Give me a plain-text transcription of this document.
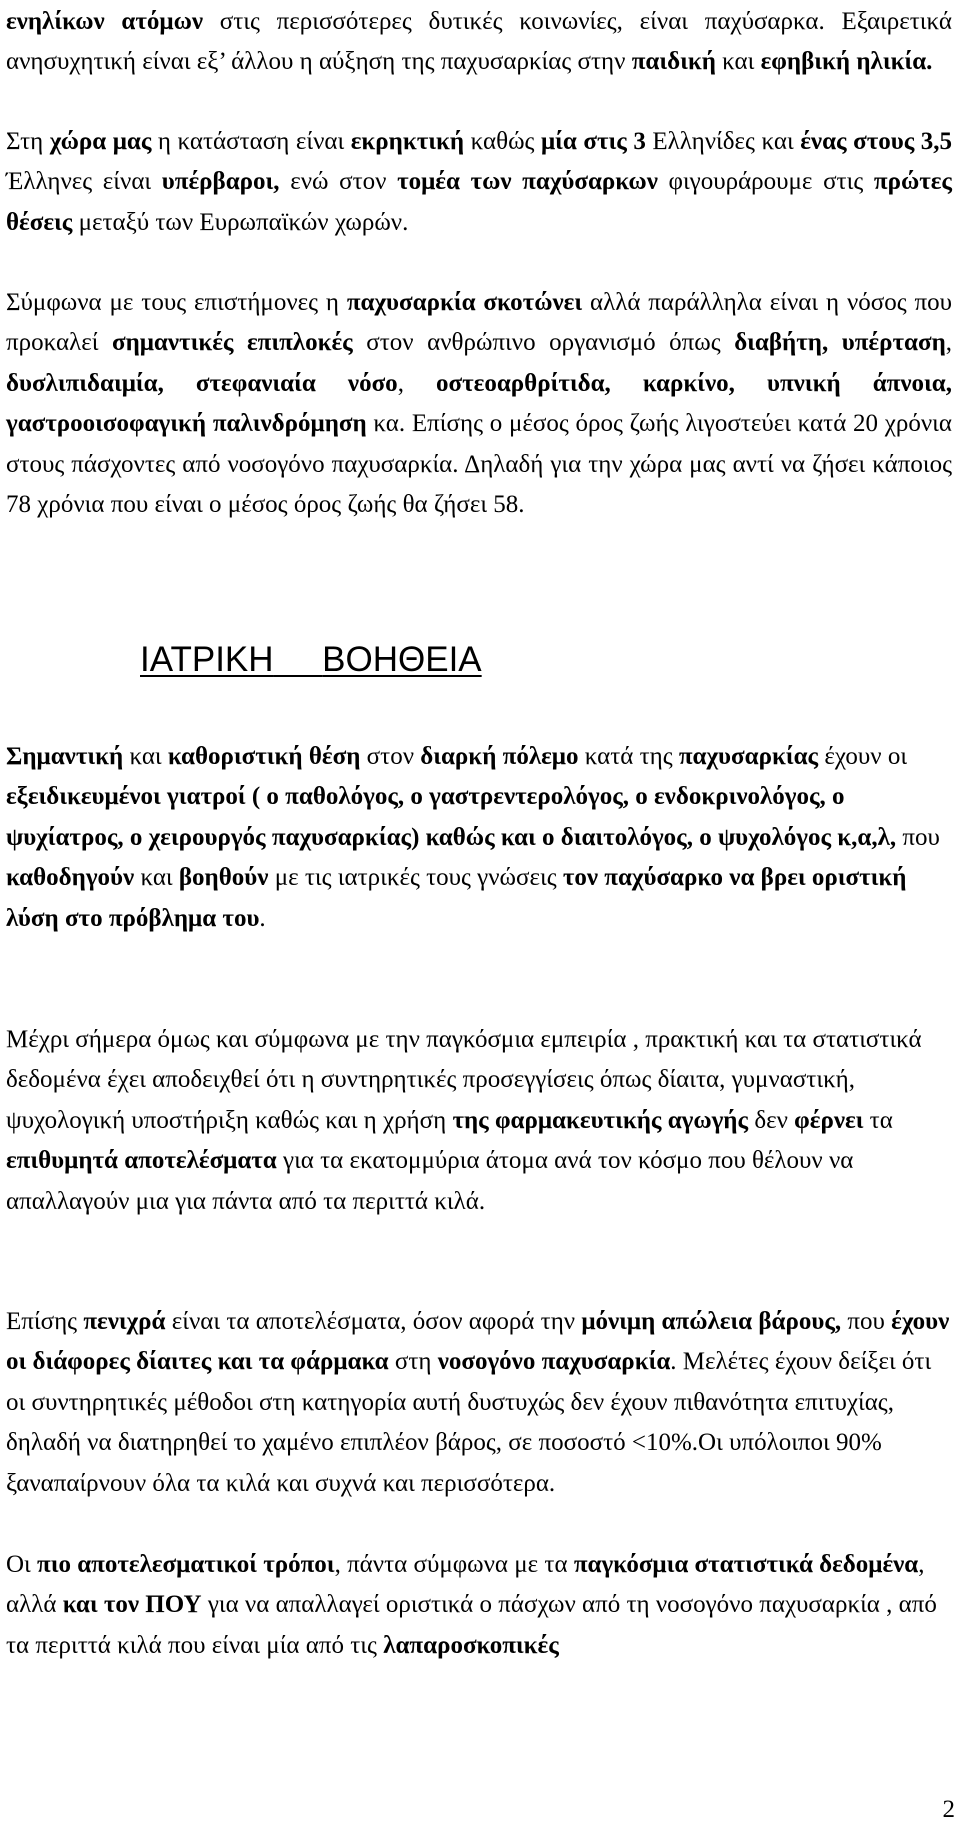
ενηλίκων ατόμων στις περισσότερες δυτικές κοινωνίες, είναι παχύσαρκα. Εξαιρετικά ανησυχητική είναι εξ’ άλλου η αύξηση της παχυσαρκίας στην παιδική και εφηβική ηλικία.

Στη χώρα μας η κατάσταση είναι εκρηκτική καθώς μία στις 3 Ελληνίδες και ένας στους 3,5 Έλληνες είναι υπέρβαροι, ενώ στον τομέα των παχύσαρκων φιγουράρουμε στις πρώτες θέσεις μεταξύ των Ευρωπαϊκών χωρών.

Σύμφωνα με τους επιστήμονες η παχυσαρκία σκοτώνει αλλά παράλληλα είναι η νόσος που προκαλεί σημαντικές επιπλοκές στον ανθρώπινο οργανισμό όπως διαβήτη, υπέρταση, δυσλιπιδαιμία, στεφανιαία νόσο, οστεοαρθρίτιδα, καρκίνο, υπνική άπνοια, γαστροοισοφαγική παλινδρόμηση κα. Επίσης ο μέσος όρος ζωής λιγοστεύει κατά 20 χρόνια στους πάσχοντες από νοσογόνο παχυσαρκία. Δηλαδή για την χώρα μας αντί να ζήσει κάποιος 78 χρόνια που είναι ο μέσος όρος ζωής θα ζήσει 58.

ΙΑΤΡΙΚΗ ΒΟΗΘΕΙΑ

Σημαντική και καθοριστική θέση στον διαρκή πόλεμο κατά της παχυσαρκίας έχουν οι εξειδικευμένοι γιατροί ( ο παθολόγος, ο γαστρεντερολόγος, ο ενδοκρινολόγος, ο ψυχίατρος, ο χειρουργός παχυσαρκίας) καθώς και ο διαιτολόγος, ο ψυχολόγος κ,α,λ, που καθοδηγούν και βοηθούν με τις ιατρικές τους γνώσεις τον παχύσαρκο να βρει οριστική λύση στο πρόβλημα του.

Μέχρι σήμερα όμως και σύμφωνα με την παγκόσμια εμπειρία , πρακτική και τα στατιστικά δεδομένα έχει αποδειχθεί ότι η συντηρητικές προσεγγίσεις όπως δίαιτα, γυμναστική, ψυχολογική υποστήριξη καθώς και η χρήση της φαρμακευτικής αγωγής δεν φέρνει τα επιθυμητά αποτελέσματα για τα εκατομμύρια άτομα ανά τον κόσμο που θέλουν να απαλλαγούν μια για πάντα από τα περιττά κιλά.

Επίσης πενιχρά είναι τα αποτελέσματα, όσον αφορά την μόνιμη απώλεια βάρους, που έχουν οι διάφορες δίαιτες και τα φάρμακα στη νοσογόνο παχυσαρκία. Μελέτες έχουν δείξει ότι οι συντηρητικές μέθοδοι στη κατηγορία αυτή δυστυχώς δεν έχουν πιθανότητα επιτυχίας, δηλαδή να διατηρηθεί το χαμένο επιπλέον βάρος, σε ποσοστό <10%.Οι υπόλοιποι 90% ξαναπαίρνουν όλα τα κιλά και συχνά και περισσότερα.

Οι πιο αποτελεσματικοί τρόποι, πάντα σύμφωνα με τα παγκόσμια στατιστικά δεδομένα, αλλά και τον ΠΟΥ για να απαλλαγεί οριστικά ο πάσχων από τη νοσογόνο παχυσαρκία , από τα περιττά κιλά που είναι μία από τις λαπαροσκοπικές

2
